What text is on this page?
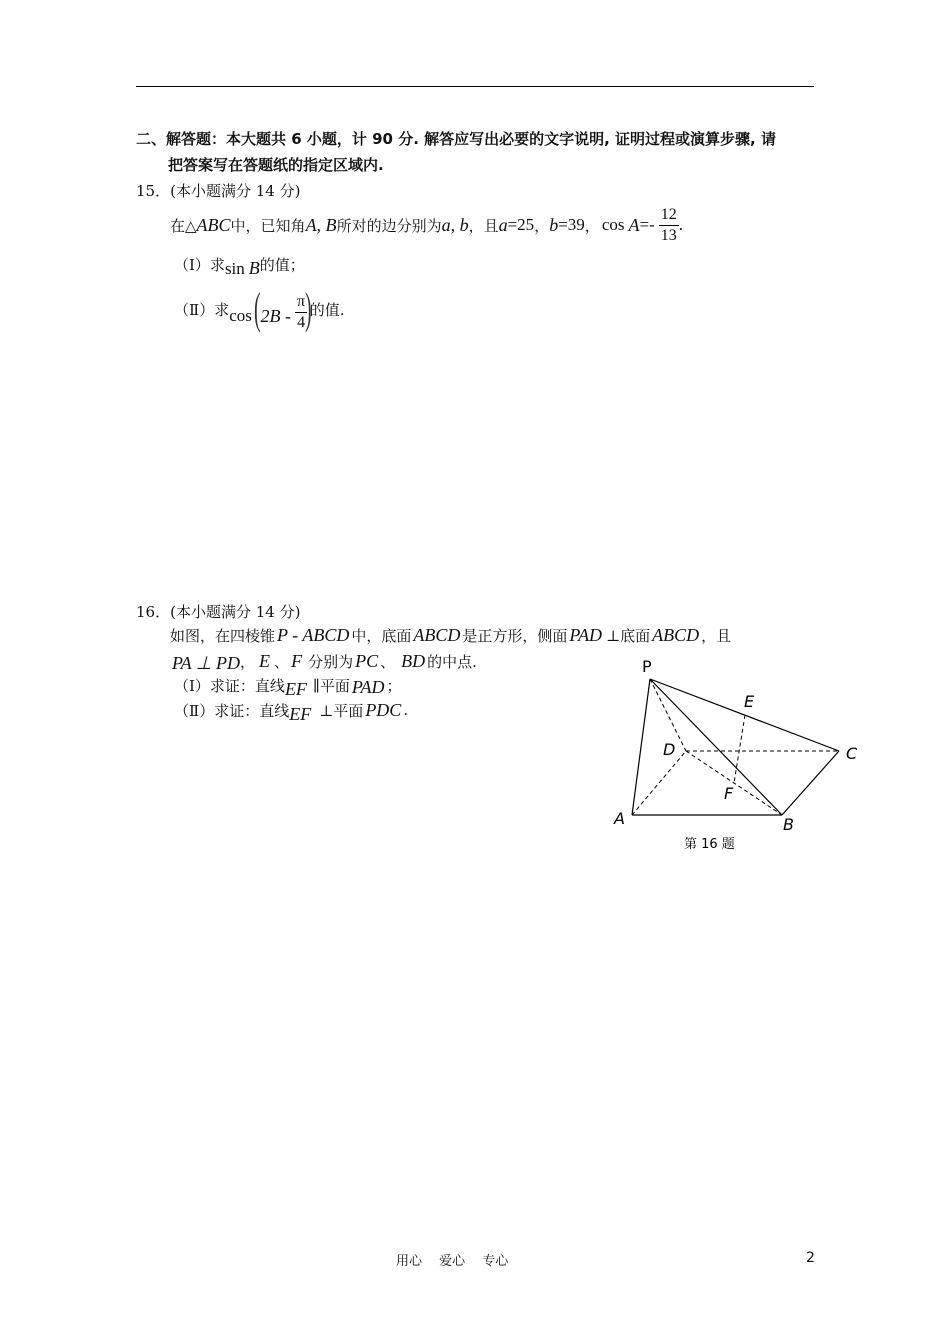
二、解答题：本大题共 6 小题，计 90 分. 解答应写出必要的文字说明, 证明过程或演算步骤, 请
把答案写在答题纸的指定区域内.
15．(本小题满分 14 分)
在△ ABC 中，已知角 A, B 所对的边分别为 a, b ，且 a =25 ， b =39 ， $\cos A =- \frac{12}{13}$ .
（Ⅰ）求 sin B 的值；
（Ⅱ）求 cos ( $2B - \frac{\pi}{4}$
)
的值.
16．(本小题满分 14 分)
如图，在四棱锥 P - ABCD 中，底面 ABCD 是正方形，侧面 PAD ⊥底面 ABCD ，且
PA ⊥ PD ， E 、 F 分别为 PC 、 BD 的中点.
（Ⅰ）求证：直线 EF ∥平面 PAD ；
（Ⅱ）求证：直线 EF ⊥平面 PDC .
P
E
D	C
F
A	B
第 16 题
用心　 爱心　 专心	2
